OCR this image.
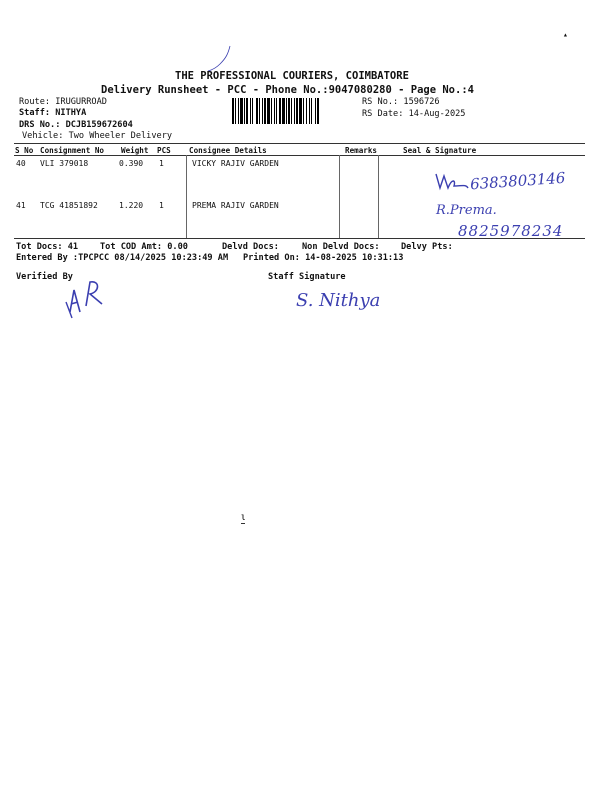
▴
THE PROFESSIONAL COURIERS, COIMBATORE
Delivery Runsheet - PCC - Phone No.:9047080280 - Page No.:4
Route: IRUGURROAD
Staff: NITHYA
DRS No.: DCJB159672604
Vehicle: Two Wheeler Delivery
RS No.: 1596726
RS Date: 14-Aug-2025
S No Consignment No Weight PCS Consignee Details	Remarks	Seal & Signature
40 VLI 379018	0.390 1	VICKY RAJIV GARDEN
41 TCG 41851892	1.220 1	PREMA RAJIV GARDEN
6383803146
R.Prema.
8825978234
Tot Docs: 41	Tot COD Amt: 0.00	Delvd Docs:	Non Delvd Docs: Delvy Pts:
Entered By :TPCPCC 08/14/2025 10:23:49 AM Printed On: 14-08-2025 10:31:13
Verified By	Staff Signature
S. Nithya
ι
